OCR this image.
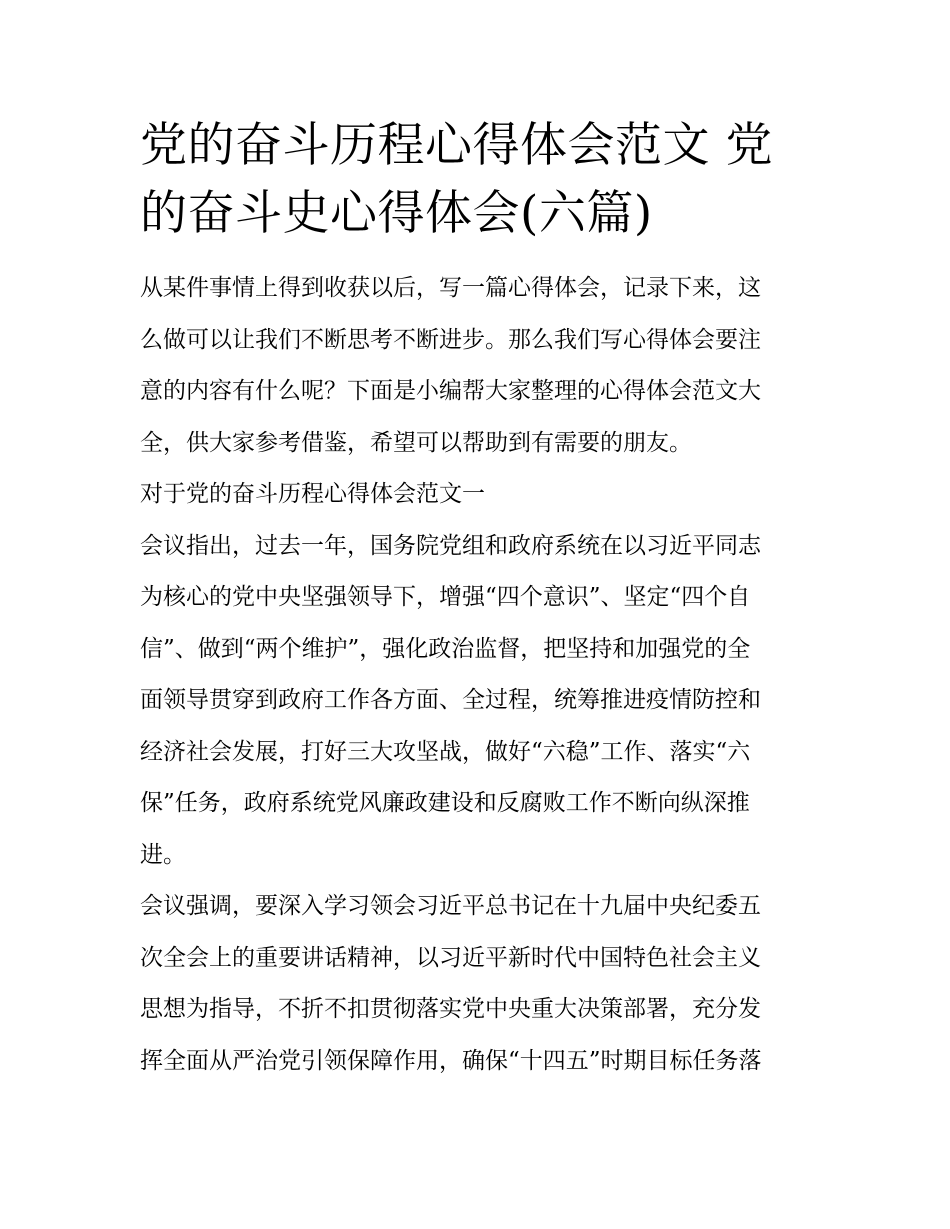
党的奋斗历程心得体会范文 党
的奋斗史心得体会(六篇)

从某件事情上得到收获以后，写一篇心得体会，记录下来，这
么做可以让我们不断思考不断进步。那么我们写心得体会要注
意的内容有什么呢？下面是小编帮大家整理的心得体会范文大
全，供大家参考借鉴，希望可以帮助到有需要的朋友。

对于党的奋斗历程心得体会范文一

会议指出，过去一年，国务院党组和政府系统在以习近平同志
为核心的党中央坚强领导下，增强“四个意识”、坚定“四个自
信”、做到“两个维护”，强化政治监督，把坚持和加强党的全
面领导贯穿到政府工作各方面、全过程，统筹推进疫情防控和
经济社会发展，打好三大攻坚战，做好“六稳”工作、落实“六
保”任务，政府系统党风廉政建设和反腐败工作不断向纵深推
进。

会议强调，要深入学习领会习近平总书记在十九届中央纪委五
次全会上的重要讲话精神，以习近平新时代中国特色社会主义
思想为指导，不折不扣贯彻落实党中央重大决策部署，充分发
挥全面从严治党引领保障作用，确保“十四五”时期目标任务落
